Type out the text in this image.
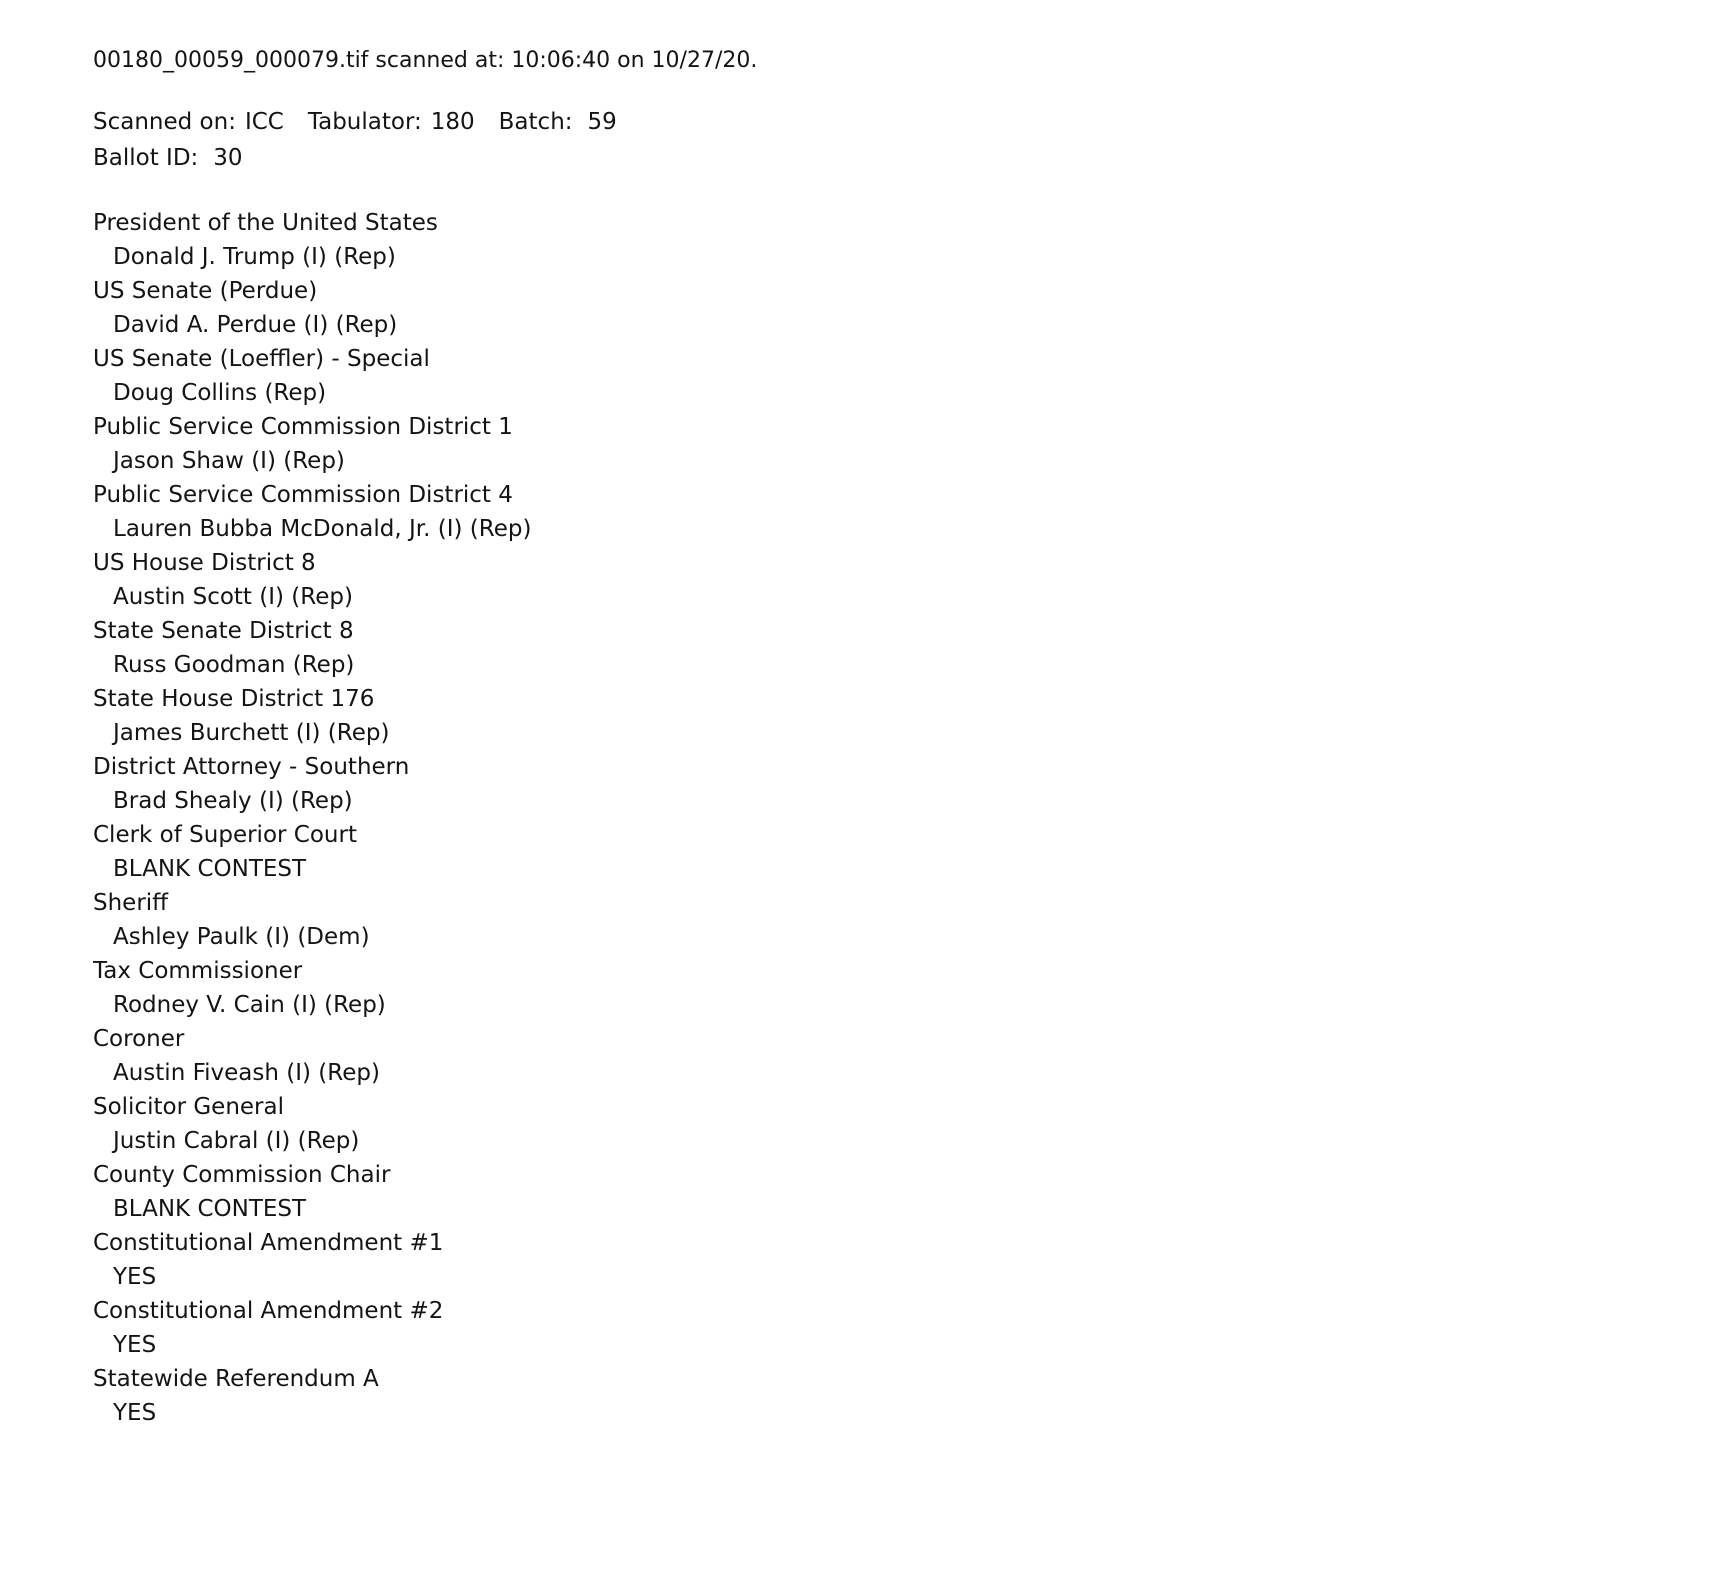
00180_00059_000079.tif scanned at: 10:06:40 on 10/27/20.
Scanned on: ICC Tabulator: 180 Batch: 59
Ballot ID: 30
President of the United States
Donald J. Trump (I) (Rep)
US Senate (Perdue)
David A. Perdue (I) (Rep)
US Senate (Loeffler) - Special
Doug Collins (Rep)
Public Service Commission District 1
Jason Shaw (I) (Rep)
Public Service Commission District 4
Lauren Bubba McDonald, Jr. (I) (Rep)
US House District 8
Austin Scott (I) (Rep)
State Senate District 8
Russ Goodman (Rep)
State House District 176
James Burchett (I) (Rep)
District Attorney - Southern
Brad Shealy (I) (Rep)
Clerk of Superior Court
BLANK CONTEST
Sheriff
Ashley Paulk (I) (Dem)
Tax Commissioner
Rodney V. Cain (I) (Rep)
Coroner
Austin Fiveash (I) (Rep)
Solicitor General
Justin Cabral (I) (Rep)
County Commission Chair
BLANK CONTEST
Constitutional Amendment #1
YES
Constitutional Amendment #2
YES
Statewide Referendum A
YES
